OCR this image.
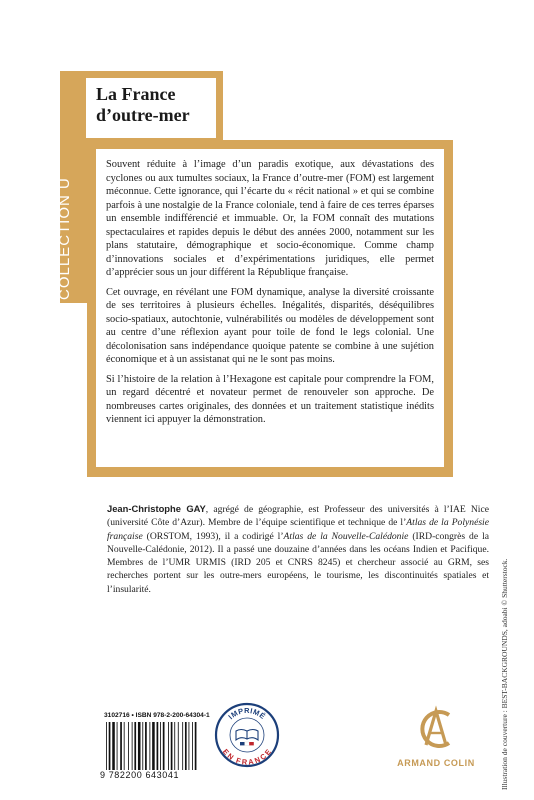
La France d’outre-mer
COLLECTION U

Souvent réduite à l’image d’un paradis exotique, aux dévastations des cyclones ou aux tumultes sociaux, la France d’outre-mer (FOM) est largement méconnue. Cette ignorance, qui l’écarte du « récit national » et qui se combine parfois à une nostalgie de la France coloniale, tend à faire de ces terres éparses un ensemble indifférencié et immuable. Or, la FOM connaît des mutations spectaculaires et rapides depuis le début des années 2000, notamment sur les plans statutaire, démographique et socio-économique. Comme champ d’innovations sociales et d’expérimentations juridiques, elle permet d’apprécier sous un jour différent la République française.

Cet ouvrage, en révélant une FOM dynamique, analyse la diversité croissante de ses territoires à plusieurs échelles. Inégalités, disparités, déséquilibres socio-spatiaux, autochtonie, vulnérabilités ou modèles de développement sont au centre d’une réflexion ayant pour toile de fond le legs colonial. Une décolonisation sans indépendance quoique patente se combine à une sujétion économique et à un assistanat qui ne le sont pas moins.

Si l’histoire de la relation à l’Hexagone est capitale pour comprendre la FOM, un regard décentré et novateur permet de renouveler son approche. De nombreuses cartes originales, des données et un traitement statistique inédits viennent ici appuyer la démonstration.

Jean-Christophe GAY, agrégé de géographie, est Professeur des universités à l’IAE Nice (université Côte d’Azur). Membre de l’équipe scientifique et technique de l’Atlas de la Polynésie française (ORSTOM, 1993), il a codirigé l’Atlas de la Nouvelle-Calédonie (IRD-congrès de la Nouvelle-Calédonie, 2012). Il a passé une douzaine d’années dans les océans Indien et Pacifique. Membres de l’UMR URMIS (IRD 205 et CNRS 8245) et chercheur associé au GRM, ses recherches portent sur les outre-mers européens, le tourisme, les discontinuités spatiales et l’insularité.	Illustration de couverture : BEST-BACKGROUNDS, adoabi © Shutterstock.
3102716 • ISBN 978-2-200-64304-1
9 782200 643041
IMPRIMÉ
EN FRANCE
ARMAND COLIN
